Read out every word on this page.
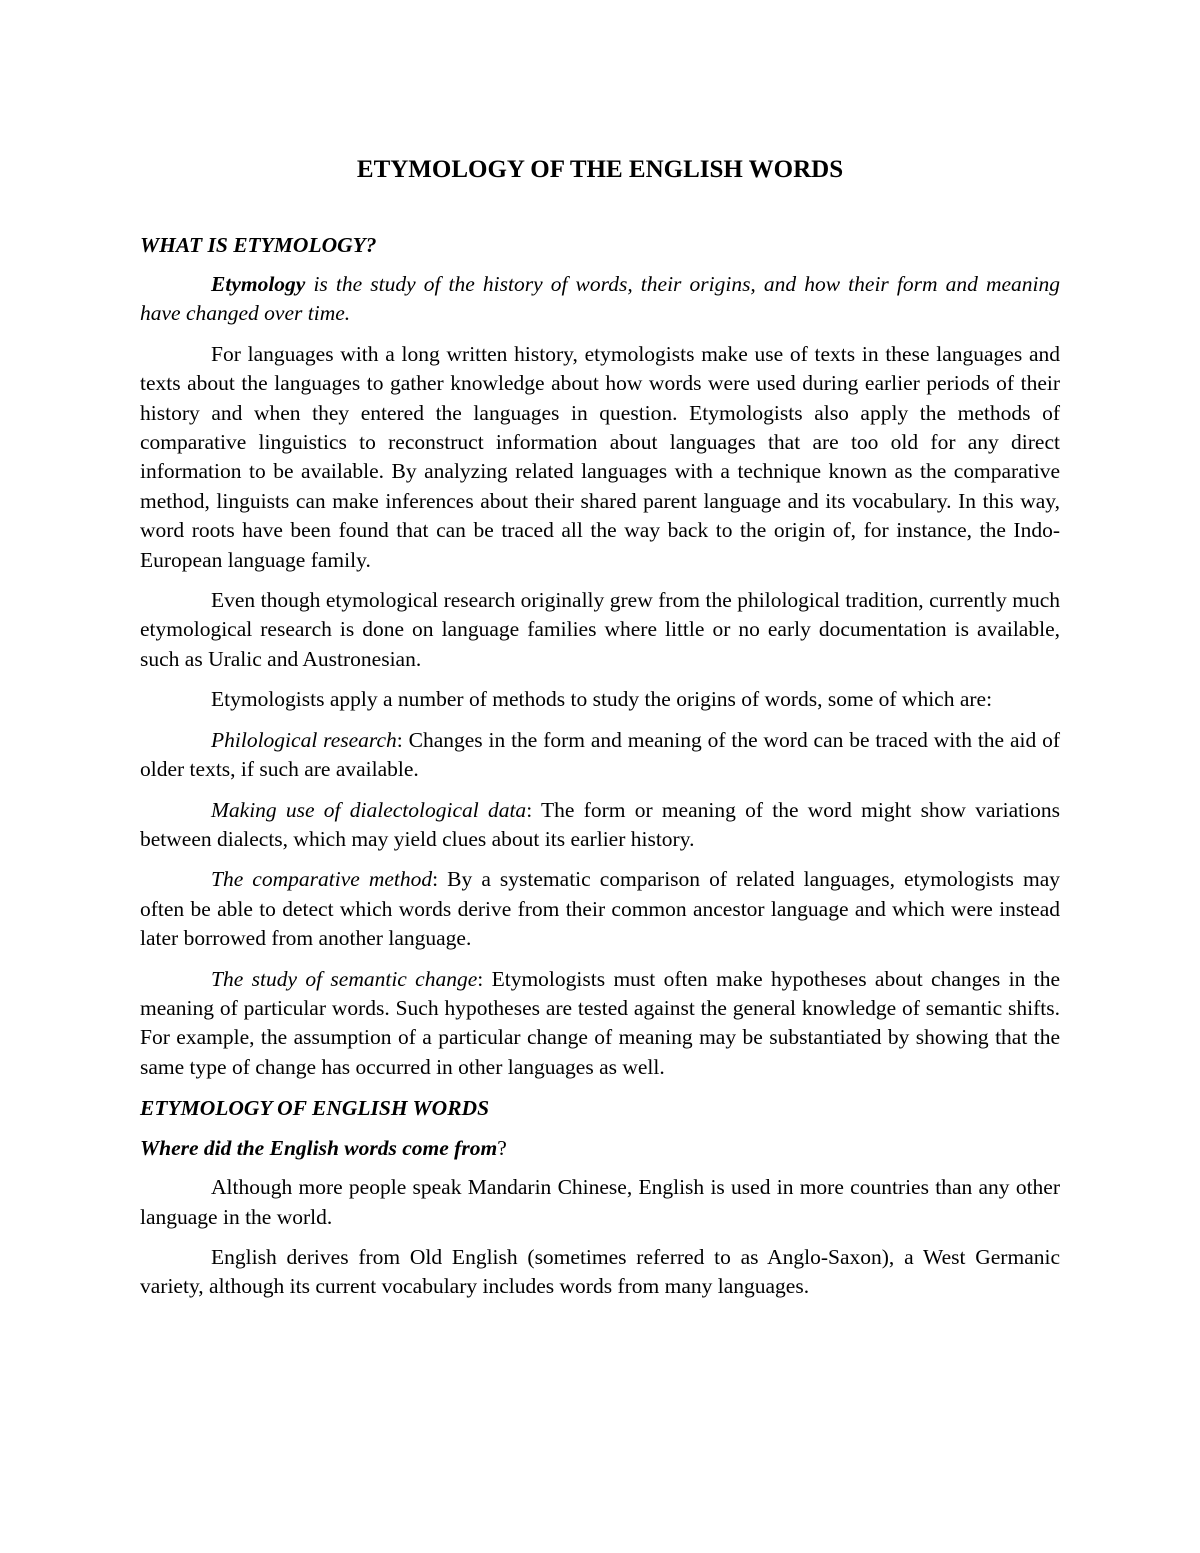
ETYMOLOGY OF THE ENGLISH WORDS
WHAT IS ETYMOLOGY?

Etymology is the study of the history of words, their origins, and how their form and meaning have changed over time.

For languages with a long written history, etymologists make use of texts in these languages and texts about the languages to gather knowledge about how words were used during earlier periods of their history and when they entered the languages in question. Etymologists also apply the methods of comparative linguistics to reconstruct information about languages that are too old for any direct information to be available. By analyzing related languages with a technique known as the comparative method, linguists can make inferences about their shared parent language and its vocabulary. In this way, word roots have been found that can be traced all the way back to the origin of, for instance, the Indo-European language family.

Even though etymological research originally grew from the philological tradition, currently much etymological research is done on language families where little or no early documentation is available, such as Uralic and Austronesian.

Etymologists apply a number of methods to study the origins of words, some of which are:

Philological research: Changes in the form and meaning of the word can be traced with the aid of older texts, if such are available.

Making use of dialectological data: The form or meaning of the word might show variations between dialects, which may yield clues about its earlier history.

The comparative method: By a systematic comparison of related languages, etymologists may often be able to detect which words derive from their common ancestor language and which were instead later borrowed from another language.

The study of semantic change: Etymologists must often make hypotheses about changes in the meaning of particular words. Such hypotheses are tested against the general knowledge of semantic shifts. For example, the assumption of a particular change of meaning may be substantiated by showing that the same type of change has occurred in other languages as well.

ETYMOLOGY OF ENGLISH WORDS
Where did the English words come from?

Although more people speak Mandarin Chinese, English is used in more countries than any other language in the world.

English derives from Old English (sometimes referred to as Anglo-Saxon), a West Germanic variety, although its current vocabulary includes words from many languages.
